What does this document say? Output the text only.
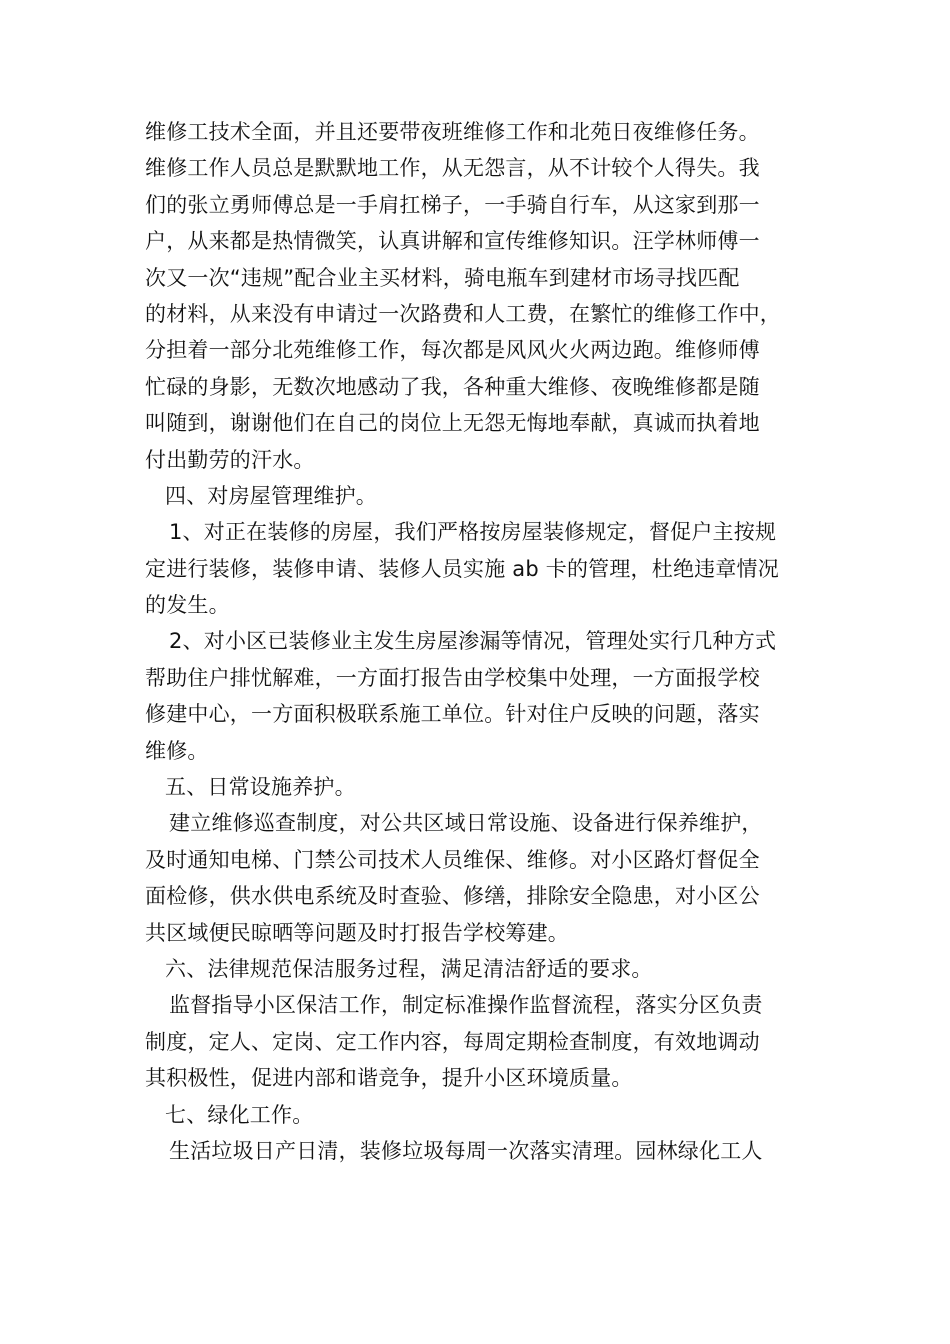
维修工技术全面，并且还要带夜班维修工作和北苑日夜维修任务。
维修工作人员总是默默地工作，从无怨言，从不计较个人得失。我
们的张立勇师傅总是一手肩扛梯子，一手骑自行车，从这家到那一
户，从来都是热情微笑，认真讲解和宣传维修知识。汪学林师傅一
次又一次“违规”配合业主买材料，骑电瓶车到建材市场寻找匹配
的材料，从来没有申请过一次路费和人工费，在繁忙的维修工作中，
分担着一部分北苑维修工作，每次都是风风火火两边跑。维修师傅
忙碌的身影，无数次地感动了我，各种重大维修、夜晚维修都是随
叫随到，谢谢他们在自己的岗位上无怨无悔地奉献，真诚而执着地
付出勤劳的汗水。
四、对房屋管理维护。
1、对正在装修的房屋，我们严格按房屋装修规定，督促户主按规
定进行装修，装修申请、装修人员实施 ab 卡的管理，杜绝违章情况
的发生。
2、对小区已装修业主发生房屋渗漏等情况，管理处实行几种方式
帮助住户排忧解难，一方面打报告由学校集中处理，一方面报学校
修建中心，一方面积极联系施工单位。针对住户反映的问题，落实
维修。
五、日常设施养护。
建立维修巡查制度，对公共区域日常设施、设备进行保养维护，
及时通知电梯、门禁公司技术人员维保、维修。对小区路灯督促全
面检修，供水供电系统及时查验、修缮，排除安全隐患，对小区公
共区域便民晾晒等问题及时打报告学校筹建。
六、法律规范保洁服务过程，满足清洁舒适的要求。
监督指导小区保洁工作，制定标准操作监督流程，落实分区负责
制度，定人、定岗、定工作内容，每周定期检查制度，有效地调动
其积极性，促进内部和谐竞争，提升小区环境质量。
七、绿化工作。
生活垃圾日产日清，装修垃圾每周一次落实清理。园林绿化工人
